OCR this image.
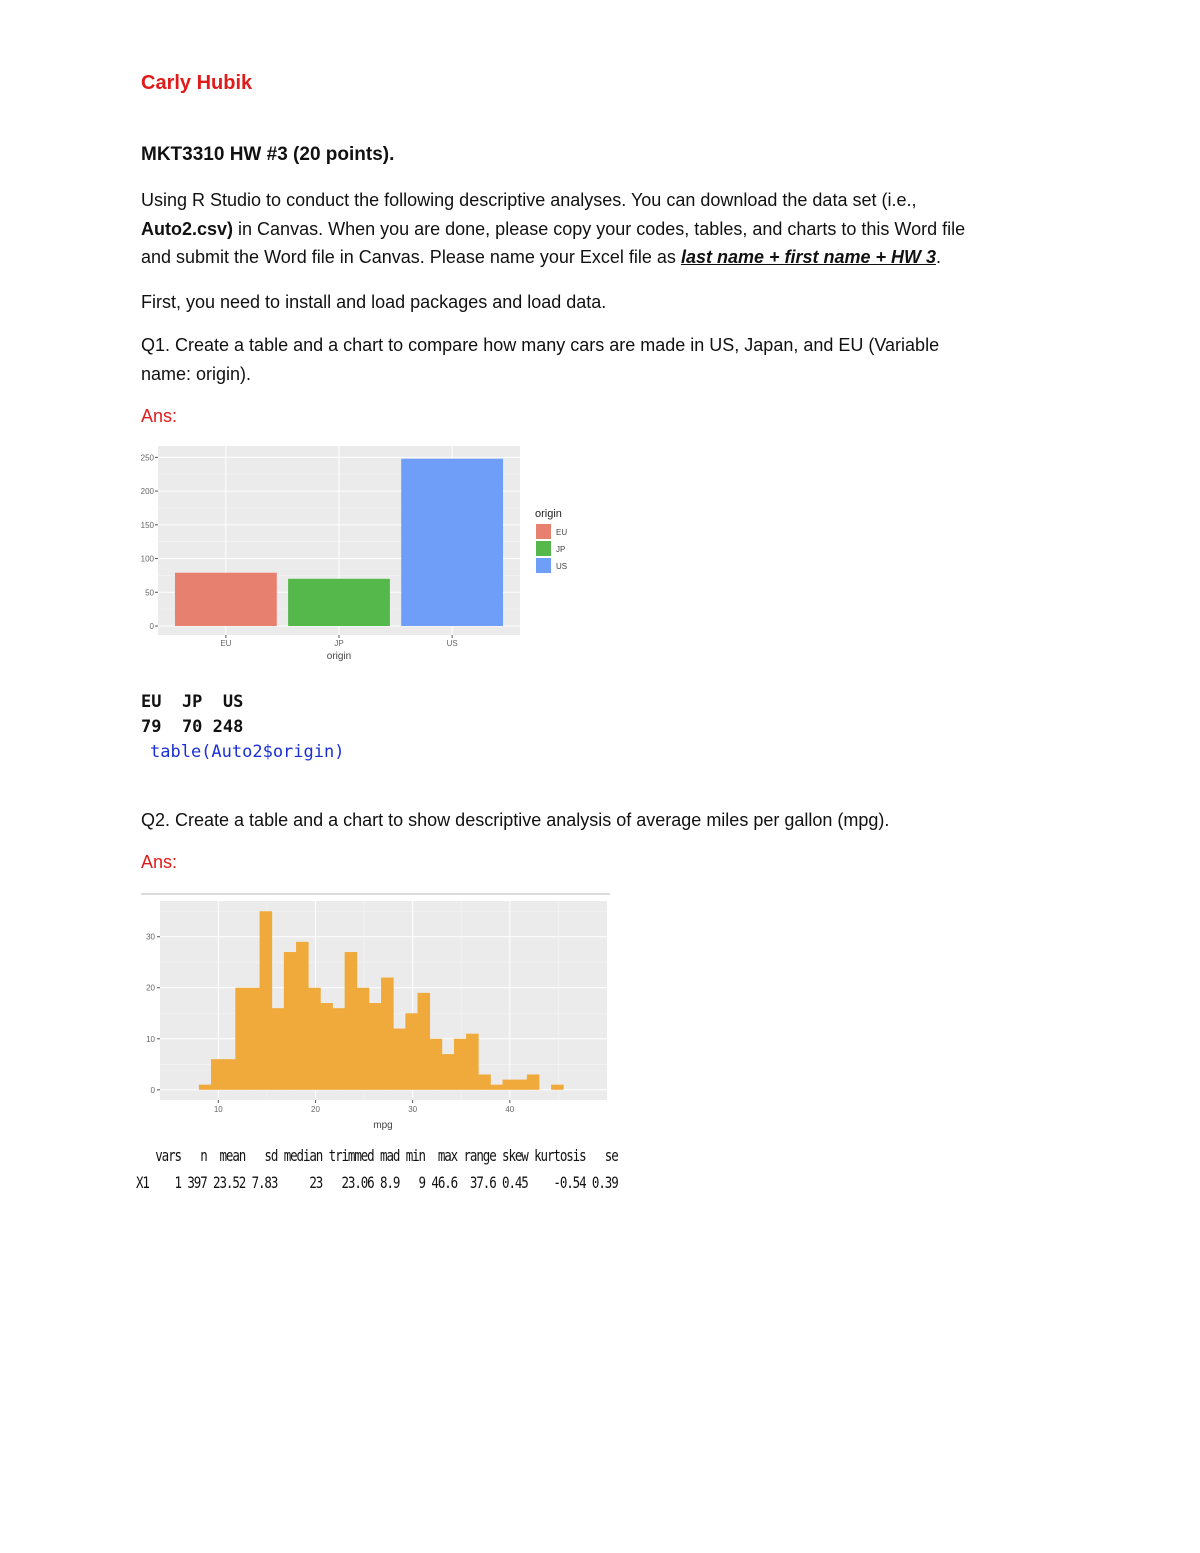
Carly Hubik
MKT3310 HW #3 (20 points).
Using R Studio to conduct the following descriptive analyses. You can download the data set (i.e.,
Auto2.csv) in Canvas. When you are done, please copy your codes, tables, and charts to this Word file
and submit the Word file in Canvas. Please name your Excel file as last name + first name + HW 3.
First, you need to install and load packages and load data.
Q1. Create a table and a chart to compare how many cars are made in US, Japan, and EU (Variable
name: origin).
Ans:
0
50
100
150
200
250
EU	JP	US
origin
origin
EU
JP
US
EU  JP  US
79  70 248
table(Auto2$origin)
Q2. Create a table and a chart to show descriptive analysis of average miles per gallon (mpg).
Ans:
0
10
20
30
10	20	30	40
mpg
vars   n  mean   sd median trimmed mad min  max range skew kurtosis   se
X1    1 397 23.52 7.83     23   23.06 8.9   9 46.6  37.6 0.45    -0.54 0.39
